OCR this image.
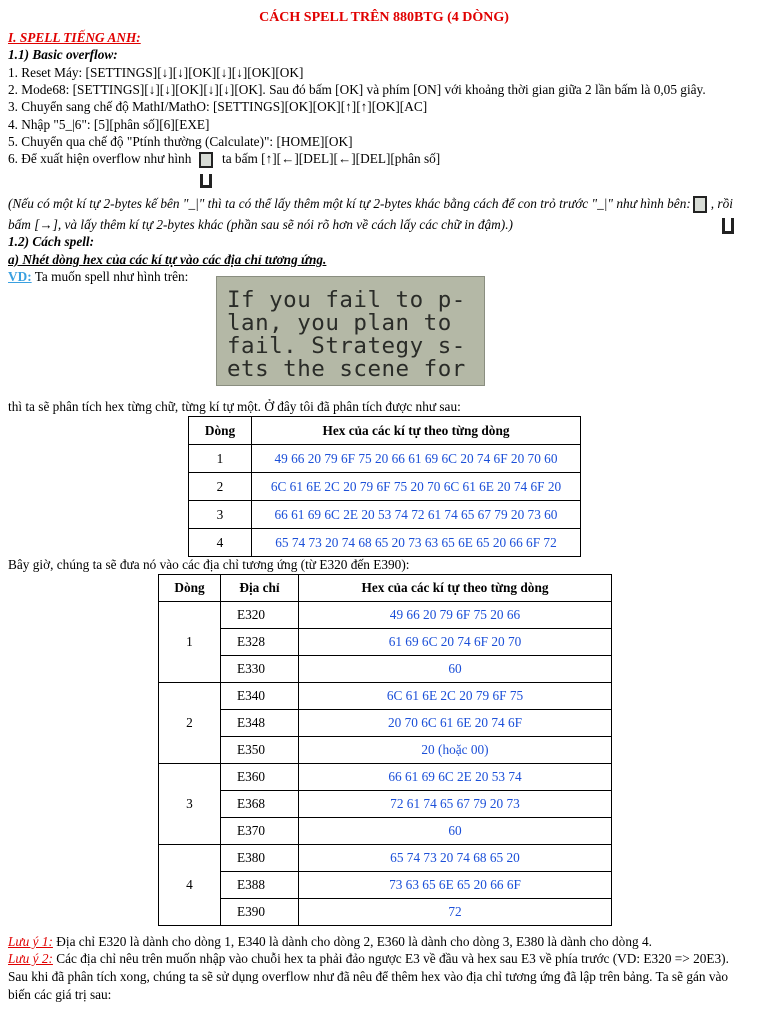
CÁCH SPELL TRÊN 880BTG (4 DÒNG)
I. SPELL TIẾNG ANH:
1.1) Basic overflow:
1. Reset Máy: [SETTINGS][↓][↓][OK][↓][↓][OK][OK]
2. Mode68: [SETTINGS][↓][↓][OK][↓][↓][OK]. Sau đó bấm [OK] và phím [ON] với khoảng thời gian giữa 2 lần bấm là 0,05 giây.
3. Chuyển sang chế độ MathI/MathO: [SETTINGS][OK][OK][↑][↑][OK][AC]
4. Nhập "5_|6": [5][phân số][6][EXE]
5. Chuyển qua chế độ "Ptính thường (Calculate)": [HOME][OK]
6. Để xuất hiện overflow như hình ta bấm [↑][←][DEL][←][DEL][phân số]
(Nếu có một kí tự 2-bytes kế bên "_|" thì ta có thể lấy thêm một kí tự 2-bytes khác bằng cách để con trỏ trước "_|" như hình bên: , rồi
bấm [→], và lấy thêm kí tự 2-bytes khác (phần sau sẽ nói rõ hơn về cách lấy các chữ in đậm).)
1.2) Cách spell:
a) Nhét dòng hex của các kí tự vào các địa chỉ tương ứng.
VD: Ta muốn spell như hình trên:
If you fail to p-
lan, you plan to
fail. Strategy s-
ets the scene for
thì ta sẽ phân tích hex từng chữ, từng kí tự một. Ở đây tôi đã phân tích được như sau:
Dòng	Hex của các kí tự theo từng dòng
1	49 66 20 79 6F 75 20 66 61 69 6C 20 74 6F 20 70 60
2	6C 61 6E 2C 20 79 6F 75 20 70 6C 61 6E 20 74 6F 20
3	66 61 69 6C 2E 20 53 74 72 61 74 65 67 79 20 73 60
4	65 74 73 20 74 68 65 20 73 63 65 6E 65 20 66 6F 72
Bây giờ, chúng ta sẽ đưa nó vào các địa chỉ tương ứng (từ E320 đến E390):
Dòng	Địa chỉ	Hex của các kí tự theo từng dòng
1	E320	49 66 20 79 6F 75 20 66
	E328	61 69 6C 20 74 6F 20 70
	E330	60
2	E340	6C 61 6E 2C 20 79 6F 75
	E348	20 70 6C 61 6E 20 74 6F
	E350	20 (hoặc 00)
3	E360	66 61 69 6C 2E 20 53 74
	E368	72 61 74 65 67 79 20 73
	E370	60
4	E380	65 74 73 20 74 68 65 20
	E388	73 63 65 6E 65 20 66 6F
	E390	72
Lưu ý 1: Địa chỉ E320 là dành cho dòng 1, E340 là dành cho dòng 2, E360 là dành cho dòng 3, E380 là dành cho dòng 4.
Lưu ý 2: Các địa chỉ nêu trên muốn nhập vào chuỗi hex ta phải đảo ngược E3 về đầu và hex sau E3 về phía trước (VD: E320 => 20E3).
Sau khi đã phân tích xong, chúng ta sẽ sử dụng overflow như đã nêu để thêm hex vào địa chỉ tương ứng đã lập trên bảng. Ta sẽ gán vào
biến các giá trị sau:
